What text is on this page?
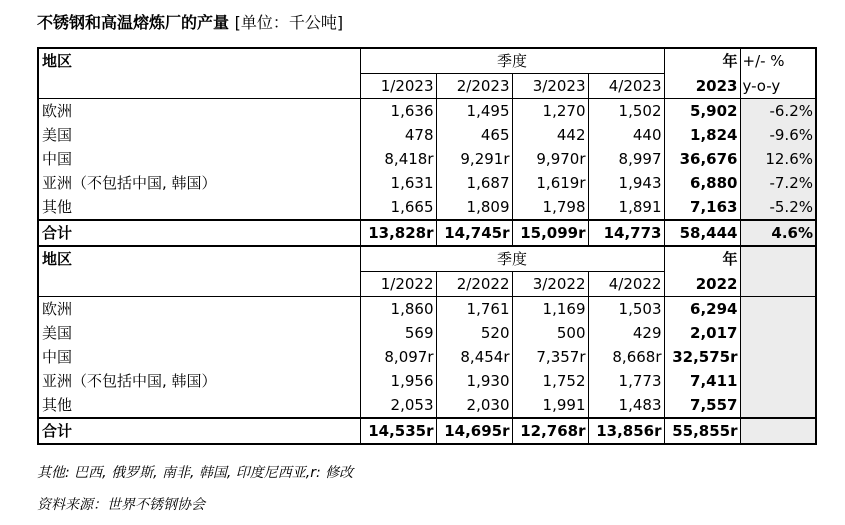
不锈钢和高温熔炼厂的产量 [单位：千公吨]
地区	季度				年	+/- %
	1/2023	2/2023	3/2023	4/2023	2023	y-o-y
欧洲	1,636	1,495	1,270	1,502	5,902	-6.2%
美国	478	465	442	440	1,824	-9.6%
中国	8,418r	9,291r	9,970r	8,997	36,676	12.6%
亚洲（不包括中国, 韩国）	1,631	1,687	1,619r	1,943	6,880	-7.2%
其他	1,665	1,809	1,798	1,891	7,163	-5.2%
合计	13,828r	14,745r	15,099r	14,773	58,444	4.6%
地区	季度				年	
	1/2022	2/2022	3/2022	4/2022	2022	
欧洲	1,860	1,761	1,169	1,503	6,294	
美国	569	520	500	429	2,017	
中国	8,097r	8,454r	7,357r	8,668r	32,575r	
亚洲（不包括中国, 韩国）	1,956	1,930	1,752	1,773	7,411	
其他	2,053	2,030	1,991	1,483	7,557	
合计	14,535r	14,695r	12,768r	13,856r	55,855r	
其他: 巴西, 俄罗斯, 南非, 韩国, 印度尼西亚,r: 修改
资料来源：世界不锈钢协会
